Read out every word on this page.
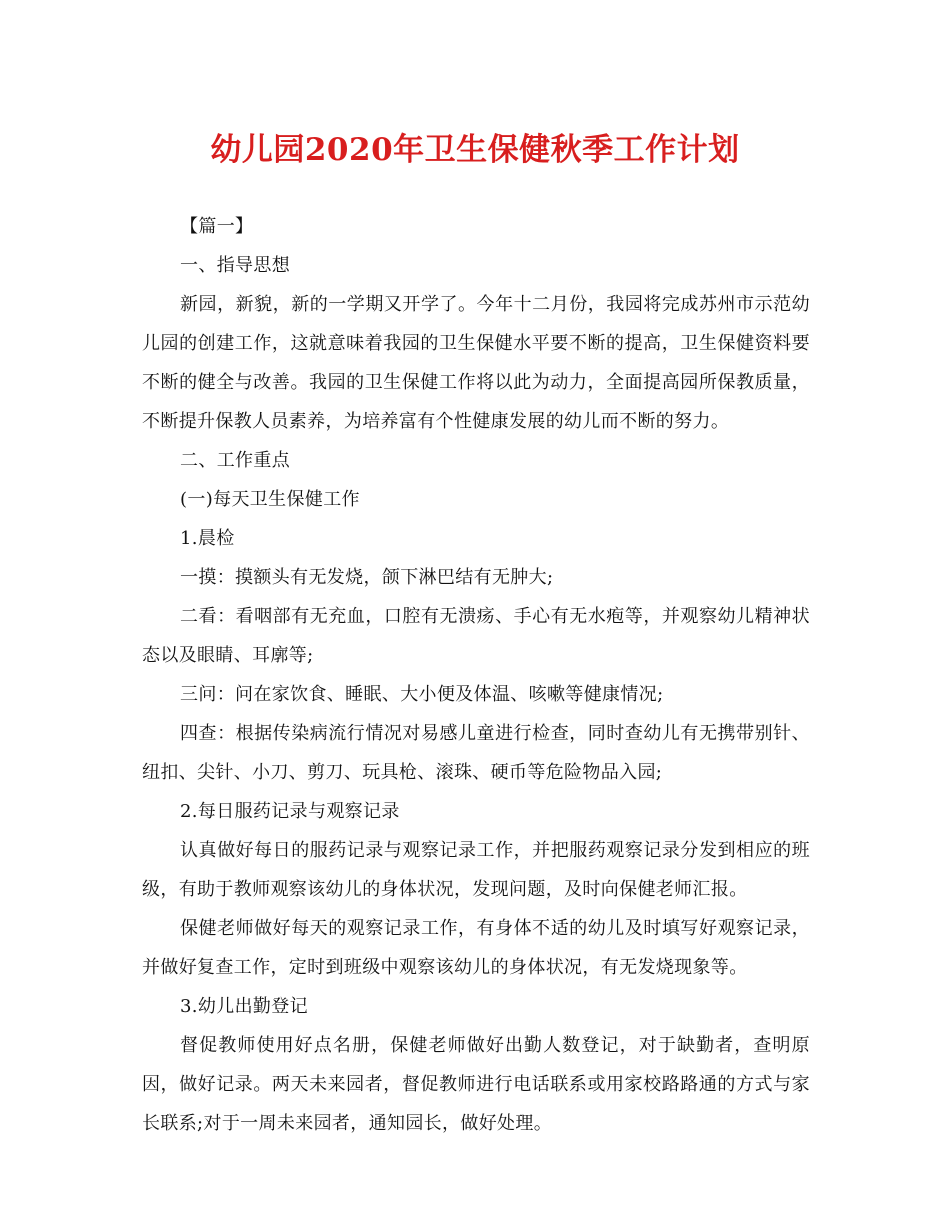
幼儿园2020年卫生保健秋季工作计划

【篇一】

一、指导思想

新园，新貌，新的一学期又开学了。今年十二月份，我园将完成苏州市示范幼儿园的创建工作，这就意味着我园的卫生保健水平要不断的提高，卫生保健资料要不断的健全与改善。我园的卫生保健工作将以此为动力，全面提高园所保教质量，不断提升保教人员素养，为培养富有个性健康发展的幼儿而不断的努力。

二、工作重点

(一)每天卫生保健工作

1.晨检

一摸：摸额头有无发烧，颌下淋巴结有无肿大;

二看：看咽部有无充血，口腔有无溃疡、手心有无水疱等，并观察幼儿精神状态以及眼睛、耳廓等;

三问：问在家饮食、睡眠、大小便及体温、咳嗽等健康情况;

四查：根据传染病流行情况对易感儿童进行检查，同时查幼儿有无携带别针、纽扣、尖针、小刀、剪刀、玩具枪、滚珠、硬币等危险物品入园;

2.每日服药记录与观察记录

认真做好每日的服药记录与观察记录工作，并把服药观察记录分发到相应的班级，有助于教师观察该幼儿的身体状况，发现问题，及时向保健老师汇报。

保健老师做好每天的观察记录工作，有身体不适的幼儿及时填写好观察记录，并做好复查工作，定时到班级中观察该幼儿的身体状况，有无发烧现象等。

3.幼儿出勤登记

督促教师使用好点名册，保健老师做好出勤人数登记，对于缺勤者，查明原因，做好记录。两天未来园者，督促教师进行电话联系或用家校路路通的方式与家长联系;对于一周未来园者，通知园长，做好处理。
